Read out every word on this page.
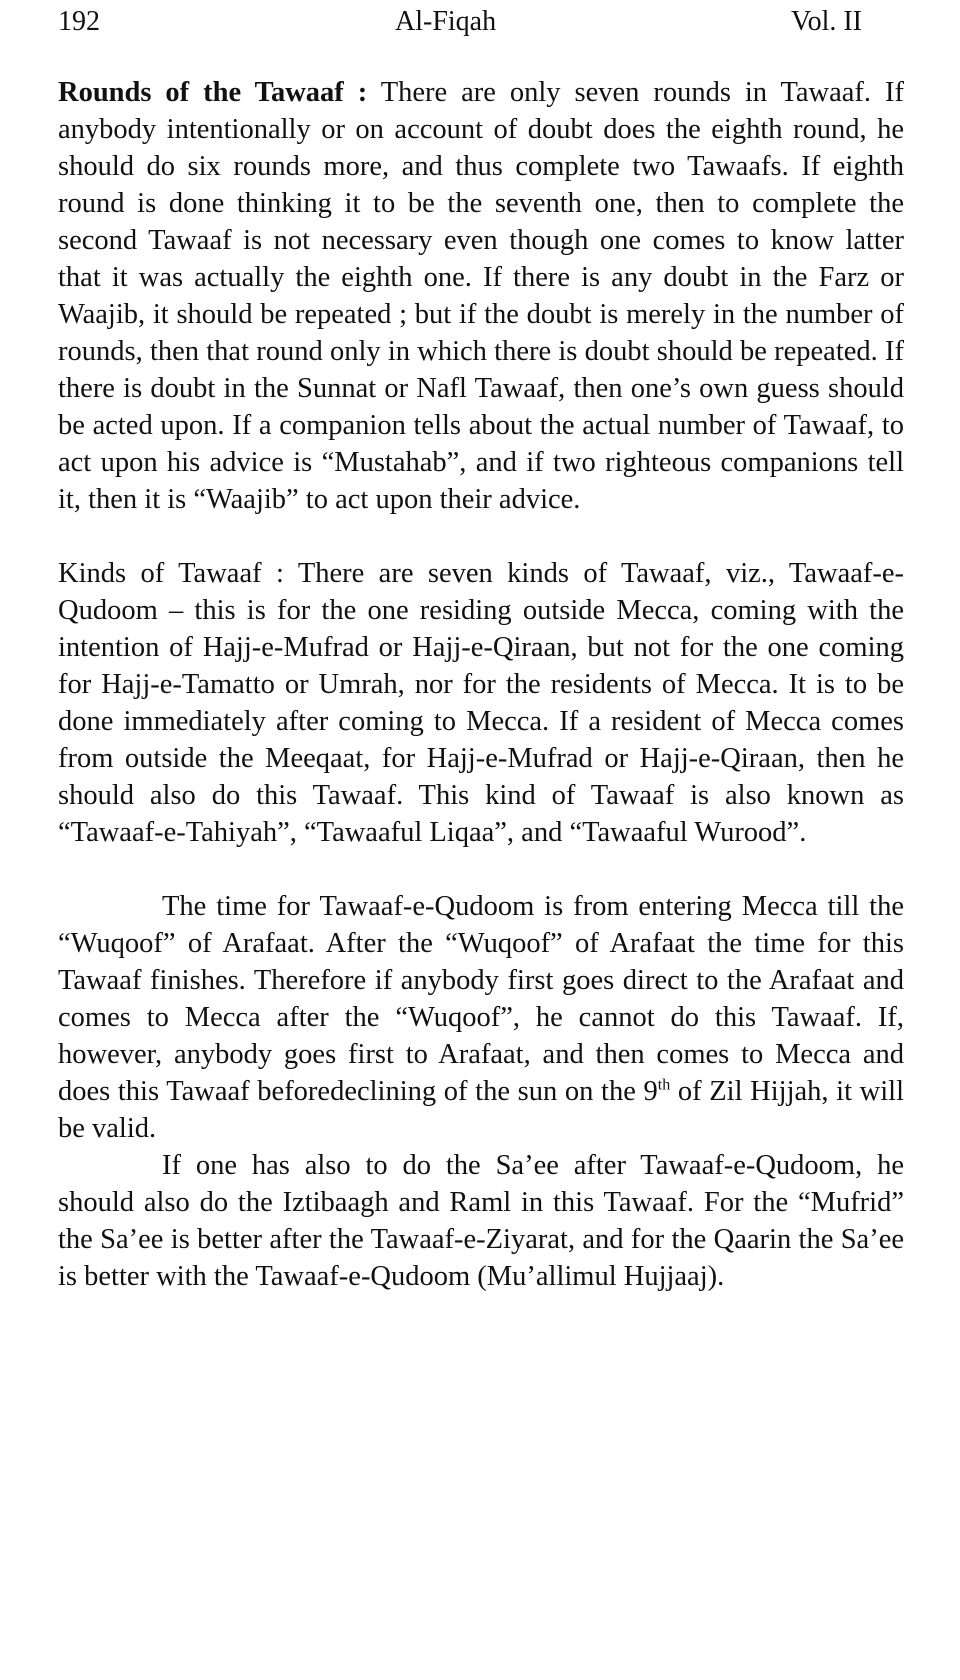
192	Al-Fiqah	Vol. II

Rounds of the Tawaaf : There are only seven rounds in Tawaaf. If anybody intentionally or on account of doubt does the eighth round, he should do six rounds more, and thus complete two Tawaafs. If eighth round is done thinking it to be the seventh one, then to complete the second Tawaaf is not necessary even though one comes to know latter that it was actually the eighth one. If there is any doubt in the Farz or Waajib, it should be repeated ; but if the doubt is merely in the number of rounds, then that round only in which there is doubt should be repeated. If there is doubt in the Sunnat or Nafl Tawaaf, then one’s own guess should be acted upon. If a companion tells about the actual number of Tawaaf, to act upon his advice is “Mustahab”, and if two righteous companions tell it, then it is “Waajib” to act upon their advice.

Kinds of Tawaaf : There are seven kinds of Tawaaf, viz., Tawaaf-e-Qudoom – this is for the one residing outside Mecca, coming with the intention of Hajj-e-Mufrad or Hajj-e-Qiraan, but not for the one coming for Hajj-e-Tamatto or Umrah, nor for the residents of Mecca. It is to be done immediately after coming to Mecca. If a resident of Mecca comes from outside the Meeqaat, for Hajj-e-Mufrad or Hajj-e-Qiraan, then he should also do this Tawaaf. This kind of Tawaaf is also known as “Tawaaf-e-Tahiyah”, “Tawaaful Liqaa”, and “Tawaaful Wurood”.

The time for Tawaaf-e-Qudoom is from entering Mecca till the “Wuqoof” of Arafaat. After the “Wuqoof” of Arafaat the time for this Tawaaf finishes. Therefore if anybody first goes direct to the Arafaat and comes to Mecca after the “Wuqoof”, he cannot do this Tawaaf. If, however, anybody goes first to Arafaat, and then comes to Mecca and does this Tawaaf beforedeclining of the sun on the 9th of Zil Hijjah, it will be valid.

If one has also to do the Sa’ee after Tawaaf-e-Qudoom, he should also do the Iztibaagh and Raml in this Tawaaf. For the “Mufrid” the Sa’ee is better after the Tawaaf-e-Ziyarat, and for the Qaarin the Sa’ee is better with the Tawaaf-e-Qudoom (Mu’allimul Hujjaaj).
